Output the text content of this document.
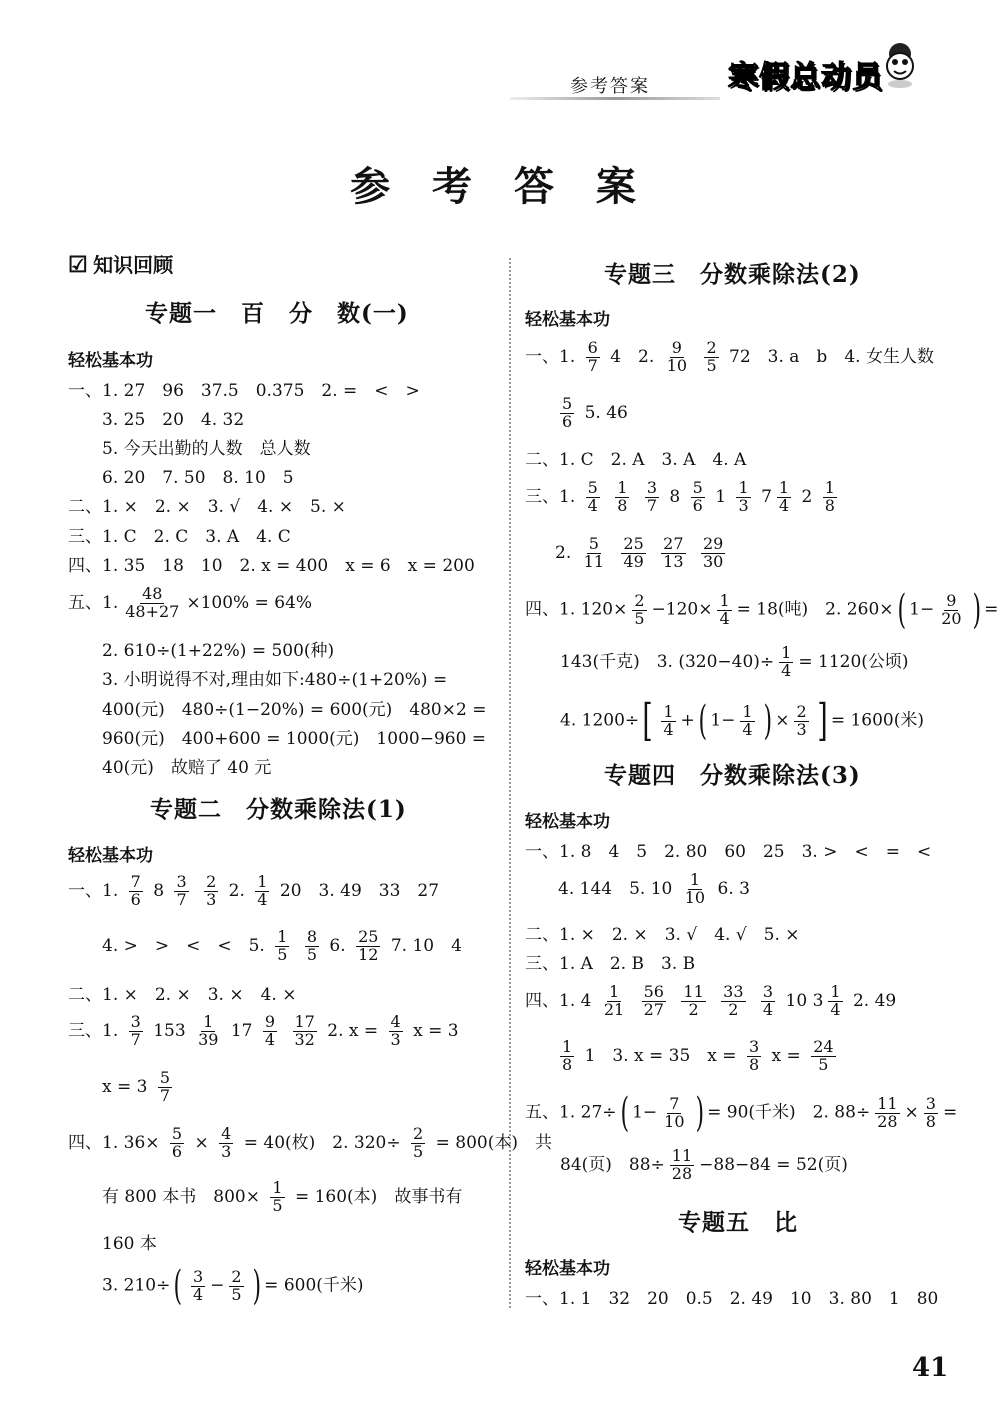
参考答案	寒假总动员
参 考 答 案
☑ 知识回顾
专题一　百　分　数(一)
轻松基本功
一、1. 27　96　37.5　0.375　2. =　<　>
3. 25　20　4. 32
5. 今天出勤的人数　总人数
6. 20　7. 50　8. 10　5
二、1. ×　2. ×　3. √　4. ×　5. ×
三、1. C　2. C　3. A　4. C
四、1. 35　18　10　2. x = 400　x = 6　x = 200
五、1. $\frac{48}{48+27} \times 100\% = 64\%$
2. 610÷(1+22%) = 500(种)
3. 小明说得不对,理由如下:480÷(1+20%) =
400(元)　480÷(1−20%) = 600(元)　480×2 =
960(元)　400+600 = 1000(元)　1000−960 =
40(元)　故赔了 40 元
专题二　分数乘除法(1)
轻松基本功
一、1. $\frac{7}{6} 8 \frac{3}{7}$
$\frac{2}{3} 2$. $\frac{1}{4} 20$　3. 49　33　27
4. >　>　<　<　5. $\frac{1}{5}$
$\frac{8}{5} 6$. $\frac{25}{12} 7$. 10　4
二、1. ×　2. ×　3. ×　4. ×
三、1. $\frac{3}{7} 153 \frac{1}{39} 17 \frac{9}{4}$
$\frac{17}{32} 2$. $x = \frac{4}{3}$ x = 3
$x = 3 \frac{5}{7}$
四、1. $36\times \frac{5}{6} \times \frac{4}{3} = 40$(枚)　2. $320\div \frac{2}{5} = 800$(本)　共
有 800 本书　$800\times \frac{1}{5} = 160$(本)　故事书有
160 本
3. $210\div( \frac{3}{4} - \frac{2}{5}$ ) = 600(千米)
专题三　分数乘除法(2)
轻松基本功
一、1. $\frac{6}{7} 4$　2. $\frac{9}{10}$
$\frac{2}{5} 72$　3. a　b　4. 女生人数
$\frac{5}{6} 5$. 46
二、1. C　2. A　3. A　4. A
三、1. $\frac{5}{4}$
$\frac{1}{8}$
$\frac{3}{7} 8 \frac{5}{6} 1 \frac{1}{3} 7 \frac{1}{4} 2 \frac{1}{8}$
2. $\frac{5}{11}$
$\frac{25}{49}$
$\frac{27}{13}$
$\frac{29}{30}$
四、1. $120\times \frac{2}{5} -120\times \frac{1}{4} = 18$(吨)　2. 260×( $1- \frac{9}{20}$ ) =
143(千克)　3. $(320-40)\div \frac{1}{4} = 1120$(公顷)
4. $1200\div[ \frac{1}{4}$ +( $1- \frac{1}{4}$ ) × $\frac{2}{3}$ ] = 1600(米)
专题四　分数乘除法(3)
轻松基本功
一、1. 8　4　5　2. 80　60　25　3. >　<　=　<
4. 144　5. $10 \frac{1}{10} 6$. 3
二、1. ×　2. ×　3. √　4. √　5. ×
三、1. A　2. B　3. B
四、1. $4 \frac{1}{21}$
$\frac{56}{27}$
$\frac{11}{2}$
$\frac{33}{2}$
$\frac{3}{4} 10$ $3 \frac{1}{4} 2$. 49
$\frac{1}{8} 1$　3. x = 35　$x = \frac{3}{8}$ $x = \frac{24}{5}$
五、1. 27÷( $1- \frac{7}{10}$ ) = 90(千米)　2. $88\div \frac{11}{28} \times \frac{3}{8}$ =
84(页)　$88\div \frac{11}{28} -88-84 = 52$(页)
专题五　比
轻松基本功
一、1. 1　32　20　0.5　2. 49　10　3. 80　1　80
41
